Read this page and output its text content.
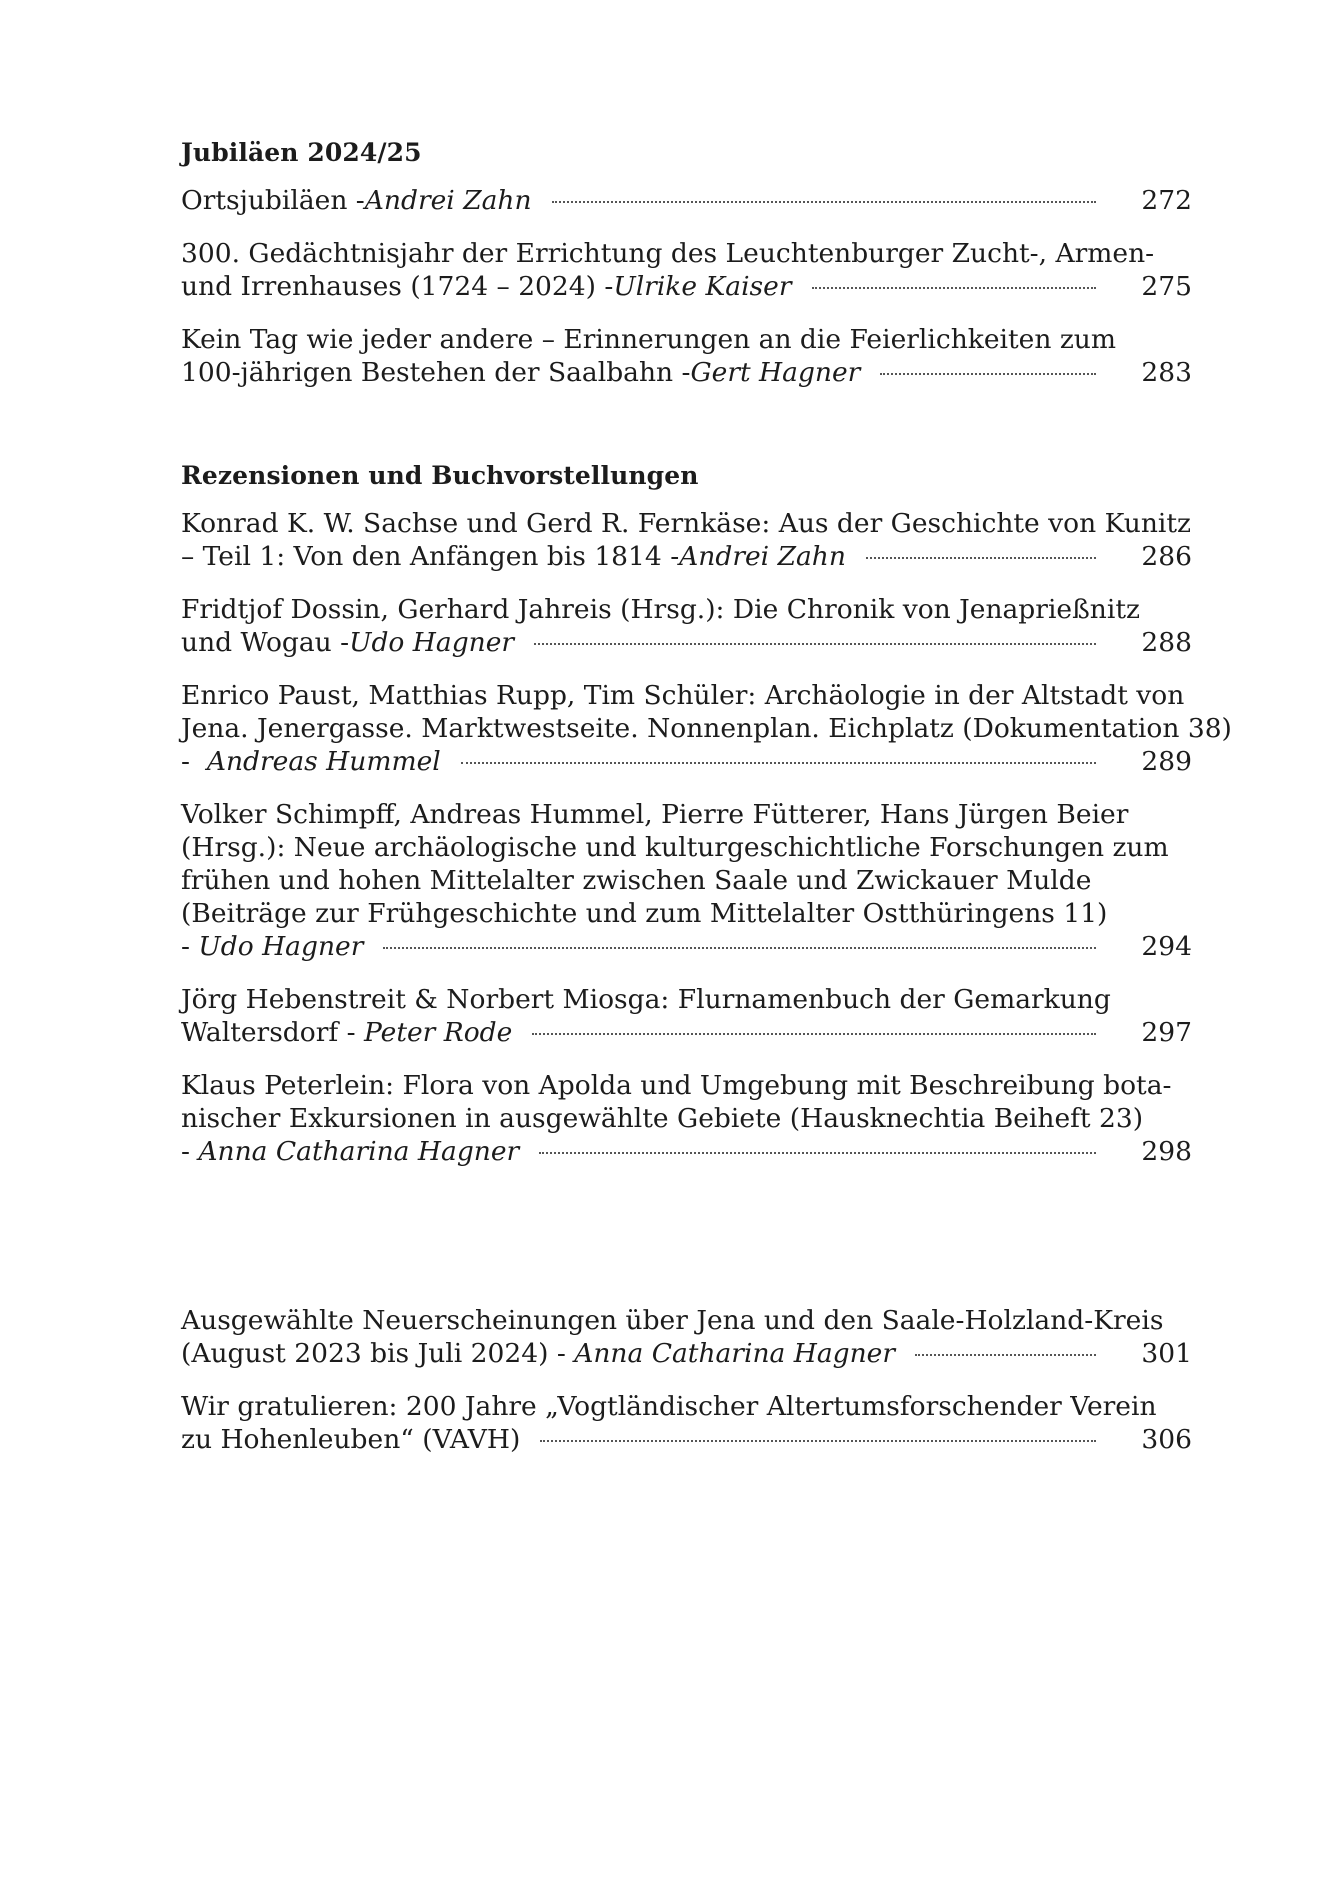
Jubiläen 2024/25
Ortsjubiläen - Andrei Zahn	272
300. Gedächtnisjahr der Errichtung des Leuchtenburger Zucht-, Armen-
und Irrenhauses (1724 – 2024) - Ulrike Kaiser	275
Kein Tag wie jeder andere – Erinnerungen an die Feierlichkeiten zum
100-jährigen Bestehen der Saalbahn - Gert Hagner	283
Rezensionen und Buchvorstellungen
Konrad K. W. Sachse und Gerd R. Fernkäse: Aus der Geschichte von Kunitz
– Teil 1: Von den Anfängen bis 1814 - Andrei Zahn	286
Fridtjof Dossin, Gerhard Jahreis (Hrsg.): Die Chronik von Jenaprießnitz
und Wogau - Udo Hagner	288
Enrico Paust, Matthias Rupp, Tim Schüler: Archäologie in der Altstadt von
Jena. Jenergasse. Marktwestseite. Nonnenplan. Eichplatz (Dokumentation 38)
- Andreas Hummel	289
Volker Schimpff, Andreas Hummel, Pierre Fütterer, Hans Jürgen Beier
(Hrsg.): Neue archäologische und kulturgeschichtliche Forschungen zum
frühen und hohen Mittelalter zwischen Saale und Zwickauer Mulde
(Beiträge zur Frühgeschichte und zum Mittelalter Ostthüringens 11)
- Udo Hagner	294
Jörg Hebenstreit & Norbert Miosga: Flurnamenbuch der Gemarkung
Waltersdorf - Peter Rode	297
Klaus Peterlein: Flora von Apolda und Umgebung mit Beschreibung bota-
nischer Exkursionen in ausgewählte Gebiete (Hausknechtia Beiheft 23)
- Anna Catharina Hagner	298
Ausgewählte Neuerscheinungen über Jena und den Saale-Holzland-Kreis
(August 2023 bis Juli 2024) - Anna Catharina Hagner	301
Wir gratulieren: 200 Jahre „Vogtländischer Altertumsforschender Verein
zu Hohenleuben“ (VAVH)	306
